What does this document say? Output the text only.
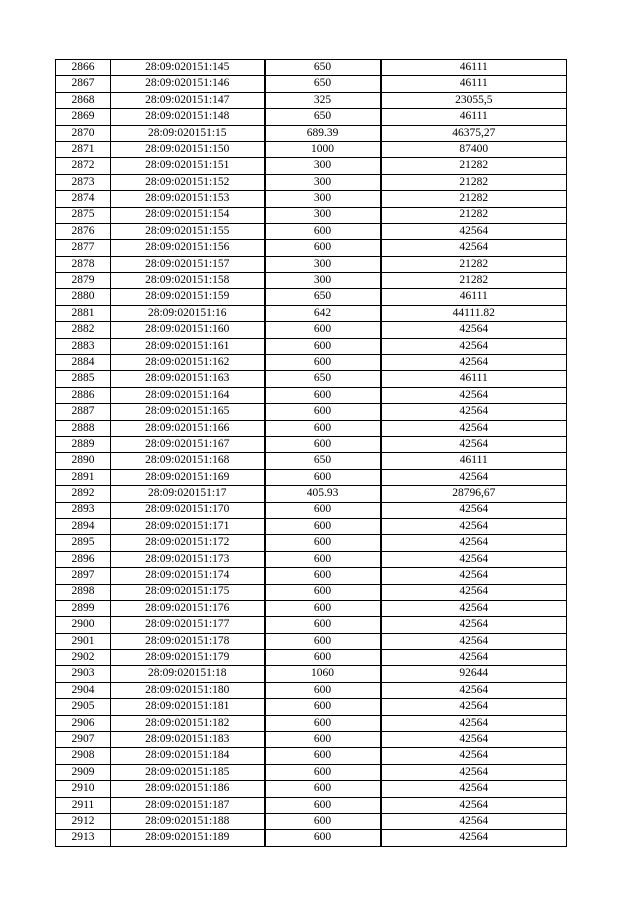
2866	28:09:020151:145	650	46111
2867	28:09:020151:146	650	46111
2868	28:09:020151:147	325	23055,5
2869	28:09:020151:148	650	46111
2870	28:09:020151:15	689.39	46375,27
2871	28:09:020151:150	1000	87400
2872	28:09:020151:151	300	21282
2873	28:09:020151:152	300	21282
2874	28:09:020151:153	300	21282
2875	28:09:020151:154	300	21282
2876	28:09:020151:155	600	42564
2877	28:09:020151:156	600	42564
2878	28:09:020151:157	300	21282
2879	28:09:020151:158	300	21282
2880	28:09:020151:159	650	46111
2881	28:09:020151:16	642	44111.82
2882	28:09:020151:160	600	42564
2883	28:09:020151:161	600	42564
2884	28:09:020151:162	600	42564
2885	28:09:020151:163	650	46111
2886	28:09:020151:164	600	42564
2887	28:09:020151:165	600	42564
2888	28:09:020151:166	600	42564
2889	28:09:020151:167	600	42564
2890	28:09:020151:168	650	46111
2891	28:09:020151:169	600	42564
2892	28:09:020151:17	405.93	28796,67
2893	28:09:020151:170	600	42564
2894	28:09:020151:171	600	42564
2895	28:09:020151:172	600	42564
2896	28:09:020151:173	600	42564
2897	28:09:020151:174	600	42564
2898	28:09:020151:175	600	42564
2899	28:09:020151:176	600	42564
2900	28:09:020151:177	600	42564
2901	28:09:020151:178	600	42564
2902	28:09:020151:179	600	42564
2903	28:09:020151:18	1060	92644
2904	28:09:020151:180	600	42564
2905	28:09:020151:181	600	42564
2906	28:09:020151:182	600	42564
2907	28:09:020151:183	600	42564
2908	28:09:020151:184	600	42564
2909	28:09:020151:185	600	42564
2910	28:09:020151:186	600	42564
2911	28:09:020151:187	600	42564
2912	28:09:020151:188	600	42564
2913	28:09:020151:189	600	42564
